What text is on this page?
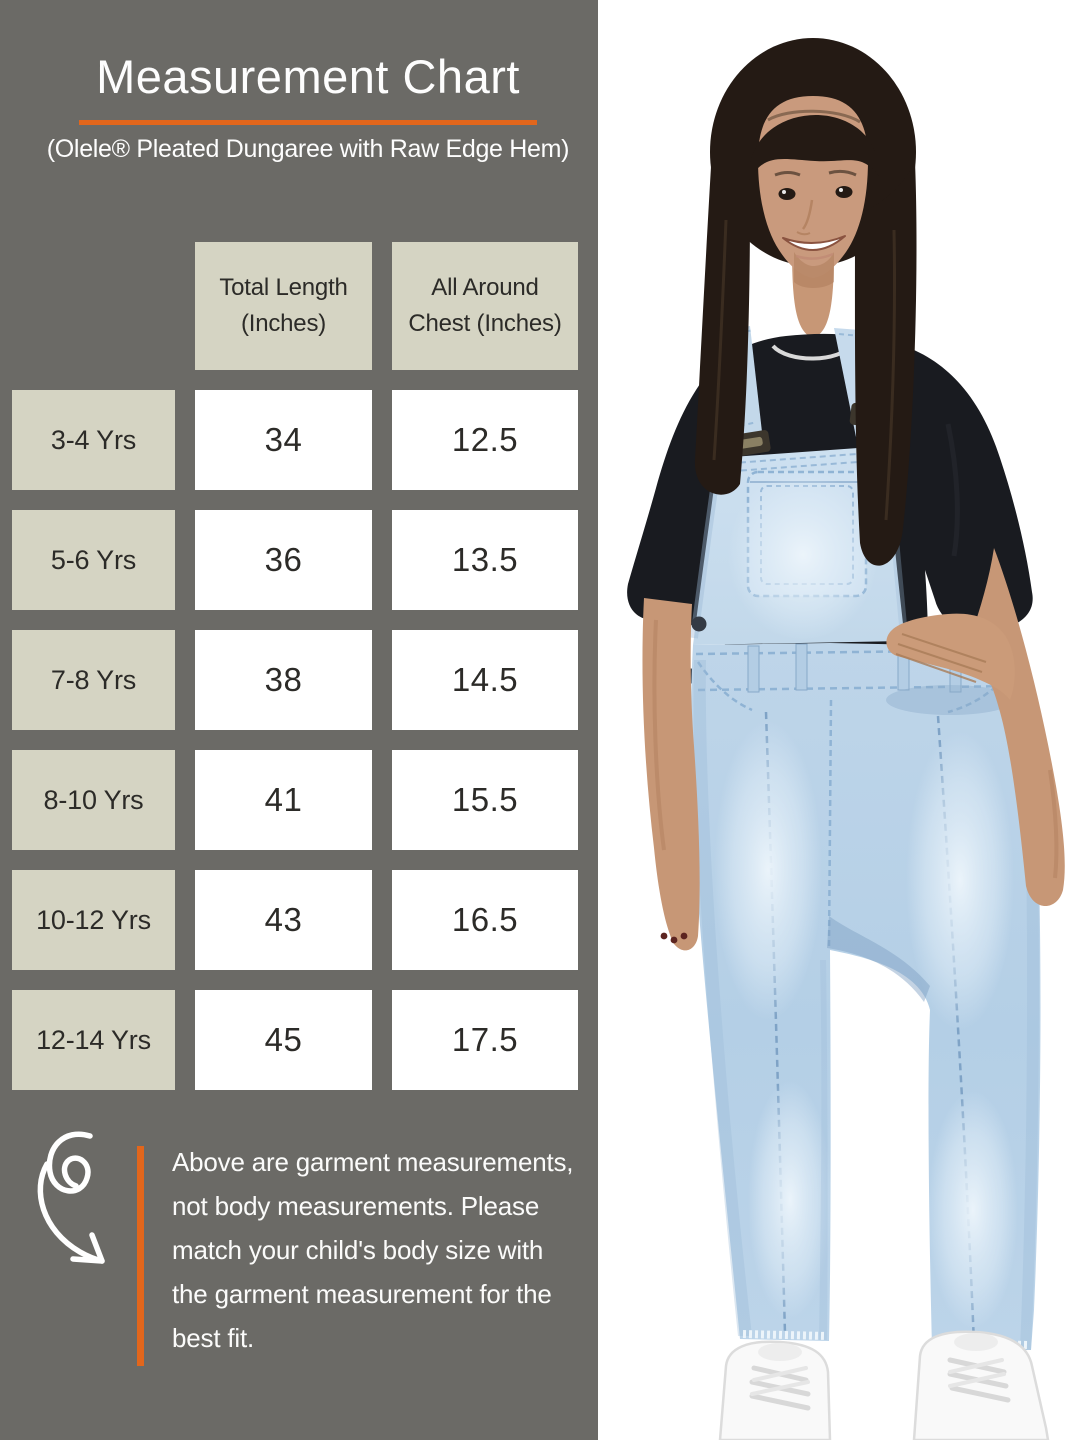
Measurement Chart
(Olele® Pleated Dungaree with Raw Edge Hem)
Total Length (Inches)
All Around Chest (Inches)
3-4 Yrs	34	12.5
5-6 Yrs	36	13.5
7-8 Yrs	38	14.5
8-10 Yrs	41	15.5
10-12 Yrs	43	16.5
12-14 Yrs	45	17.5
Above are garment measurements, not body measurements. Please match your child's body size with the garment measurement for the best fit.
